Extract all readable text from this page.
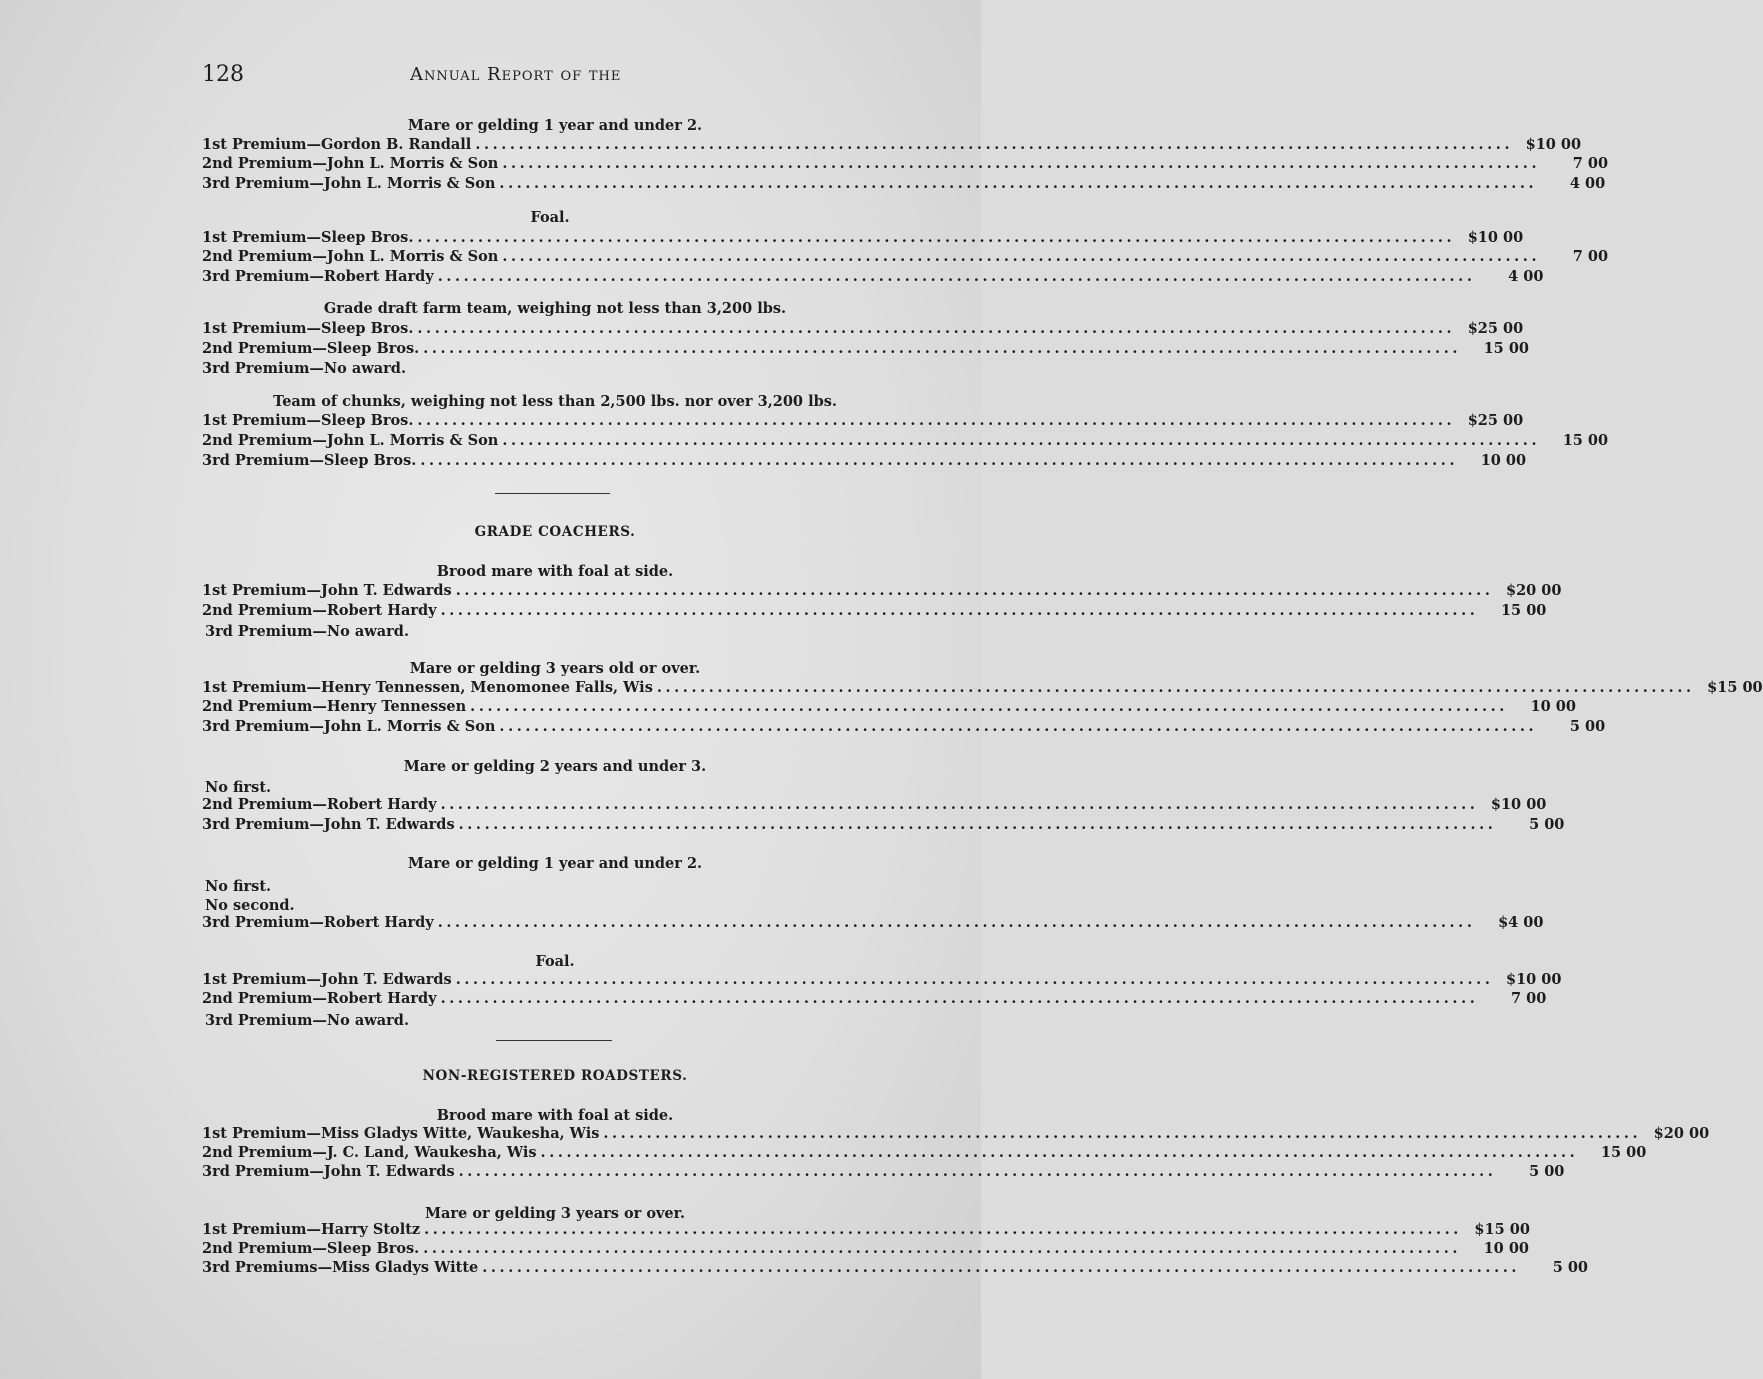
128	Annual Report of the
Mare or gelding 1 year and under 2.
1st Premium—Gordon B. Randall ........................................................................................................................ $10 00
2nd Premium—John L. Morris & Son ........................................................................................................................	7 00
3rd Premium—John L. Morris & Son ........................................................................................................................	4 00
Foal.
1st Premium—Sleep Bros. ........................................................................................................................ $10 00
2nd Premium—John L. Morris & Son ........................................................................................................................	7 00
3rd Premium—Robert Hardy ........................................................................................................................	4 00
Grade draft farm team, weighing not less than 3,200 lbs.
1st Premium—Sleep Bros. ........................................................................................................................ $25 00
2nd Premium—Sleep Bros. ........................................................................................................................	15 00
3rd Premium—No award.
Team of chunks, weighing not less than 2,500 lbs. nor over 3,200 lbs.
1st Premium—Sleep Bros. ........................................................................................................................ $25 00
2nd Premium—John L. Morris & Son ........................................................................................................................	15 00
3rd Premium—Sleep Bros. ........................................................................................................................	10 00
GRADE COACHERS.
Brood mare with foal at side.
1st Premium—John T. Edwards ........................................................................................................................ $20 00
2nd Premium—Robert Hardy ........................................................................................................................	15 00
3rd Premium—No award.
Mare or gelding 3 years old or over.
1st Premium—Henry Tennessen, Menomonee Falls, Wis ........................................................................................................................ $15 00
2nd Premium—Henry Tennessen ........................................................................................................................	10 00
3rd Premium—John L. Morris & Son ........................................................................................................................	5 00
Mare or gelding 2 years and under 3.
No first.
2nd Premium—Robert Hardy ........................................................................................................................ $10 00
3rd Premium—John T. Edwards ........................................................................................................................	5 00
Mare or gelding 1 year and under 2.
No first.
No second.
3rd Premium—Robert Hardy ........................................................................................................................	$4 00
Foal.
1st Premium—John T. Edwards ........................................................................................................................ $10 00
2nd Premium—Robert Hardy ........................................................................................................................	7 00
3rd Premium—No award.
NON-REGISTERED ROADSTERS.
Brood mare with foal at side.
1st Premium—Miss Gladys Witte, Waukesha, Wis ........................................................................................................................ $20 00
2nd Premium—J. C. Land, Waukesha, Wis ........................................................................................................................	15 00
3rd Premium—John T. Edwards ........................................................................................................................	5 00
Mare or gelding 3 years or over.
1st Premium—Harry Stoltz ........................................................................................................................ $15 00
2nd Premium—Sleep Bros. ........................................................................................................................	10 00
3rd Premiums—Miss Gladys Witte ........................................................................................................................	5 00
